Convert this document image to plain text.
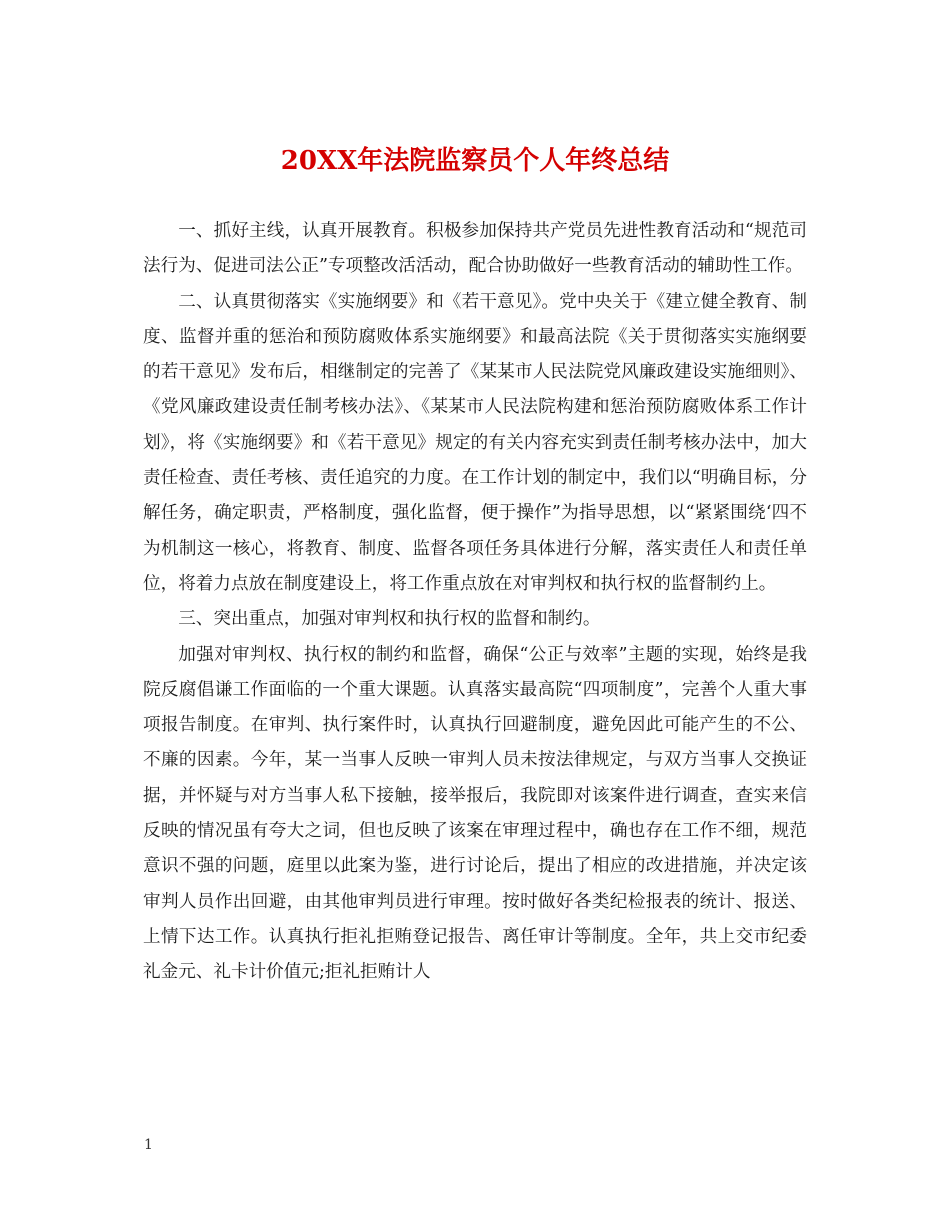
20XX年法院监察员个人年终总结

一、抓好主线，认真开展教育。积极参加保持共产党员先进性教育活动和“规范司法行为、促进司法公正”专项整改活活动，配合协助做好一些教育活动的辅助性工作。

二、认真贯彻落实《实施纲要》和《若干意见》。党中央关于《建立健全教育、制度、监督并重的惩治和预防腐败体系实施纲要》和最高法院《关于贯彻落实实施纲要的若干意见》发布后，相继制定的完善了《某某市人民法院党风廉政建设实施细则》、《党风廉政建设责任制考核办法》、《某某市人民法院构建和惩治预防腐败体系工作计划》，将《实施纲要》和《若干意见》规定的有关内容充实到责任制考核办法中，加大责任检查、责任考核、责任追究的力度。在工作计划的制定中，我们以“明确目标，分解任务，确定职责，严格制度，强化监督，便于操作”为指导思想，以“紧紧围绕‘四不为机制这一核心，将教育、制度、监督各项任务具体进行分解，落实责任人和责任单位，将着力点放在制度建设上，将工作重点放在对审判权和执行权的监督制约上。

三、突出重点，加强对审判权和执行权的监督和制约。

加强对审判权、执行权的制约和监督，确保“公正与效率”主题的实现，始终是我院反腐倡谦工作面临的一个重大课题。认真落实最高院“四项制度”，完善个人重大事项报告制度。在审判、执行案件时，认真执行回避制度，避免因此可能产生的不公、不廉的因素。今年，某一当事人反映一审判人员未按法律规定，与双方当事人交换证据，并怀疑与对方当事人私下接触，接举报后，我院即对该案件进行调查，查实来信反映的情况虽有夸大之词，但也反映了该案在审理过程中，确也存在工作不细，规范意识不强的问题，庭里以此案为鉴，进行讨论后，提出了相应的改进措施，并决定该审判人员作出回避，由其他审判员进行审理。按时做好各类纪检报表的统计、报送、上情下达工作。认真执行拒礼拒贿登记报告、离任审计等制度。全年，共上交市纪委礼金元、礼卡计价值元;拒礼拒贿计人

1
